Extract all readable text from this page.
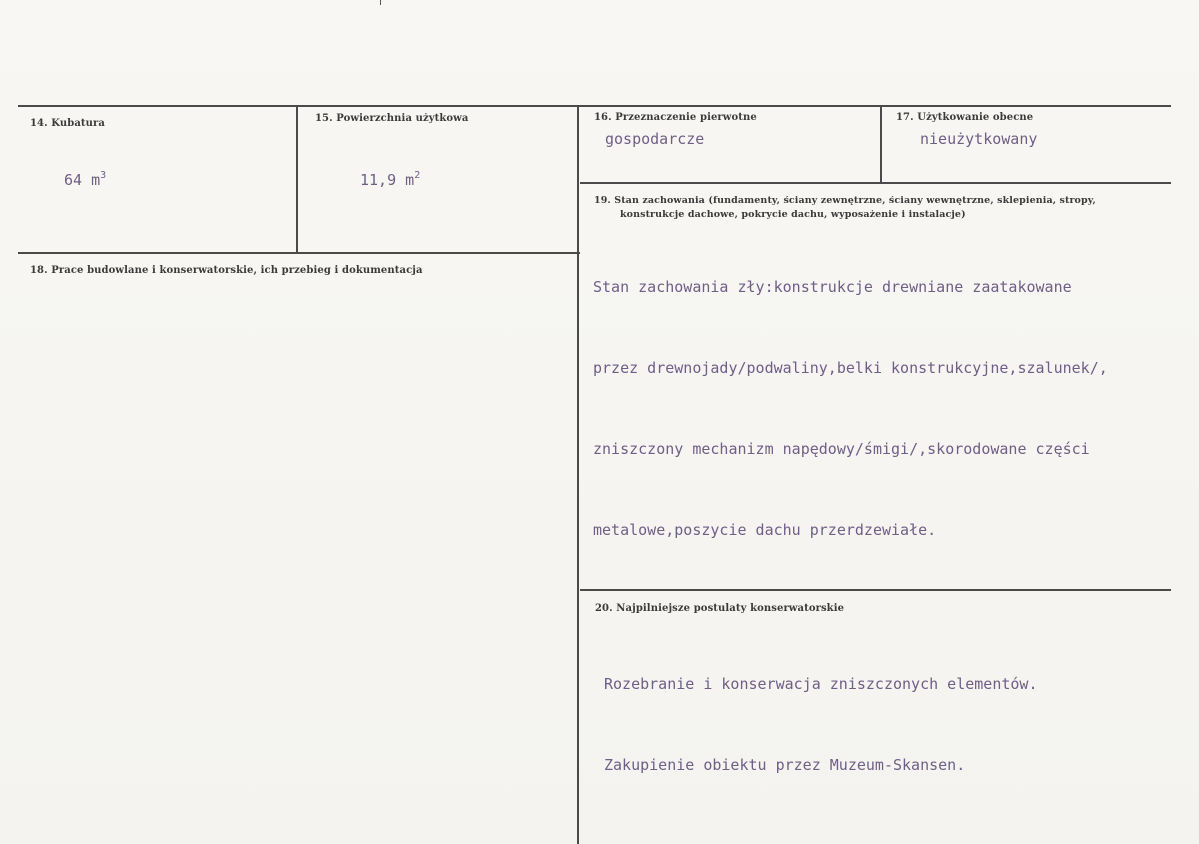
14. Kubatura
64 $m^3$
15. Powierzchnia użytkowa
11,9 $m^2$
16. Przeznaczenie pierwotne
gospodarcze
17. Użytkowanie obecne
nieużytkowany
18. Prace budowlane i konserwatorskie, ich przebieg i dokumentacja
19. Stan zachowania (fundamenty, ściany zewnętrzne, ściany wewnętrzne, sklepienia, stropy,
konstrukcje dachowe, pokrycie dachu, wyposażenie i instalacje)

Stan zachowania zły:konstrukcje drewniane zaatakowane

przez drewnojady/podwaliny,belki konstrukcyjne,szalunek/,

zniszczony mechanizm napędowy/śmigi/,skorodowane części

metalowe,poszycie dachu przerdzewiałe.

20. Najpilniejsze postulaty konserwatorskie

Rozebranie i konserwacja zniszczonych elementów.

Zakupienie obiektu przez Muzeum-Skansen.
